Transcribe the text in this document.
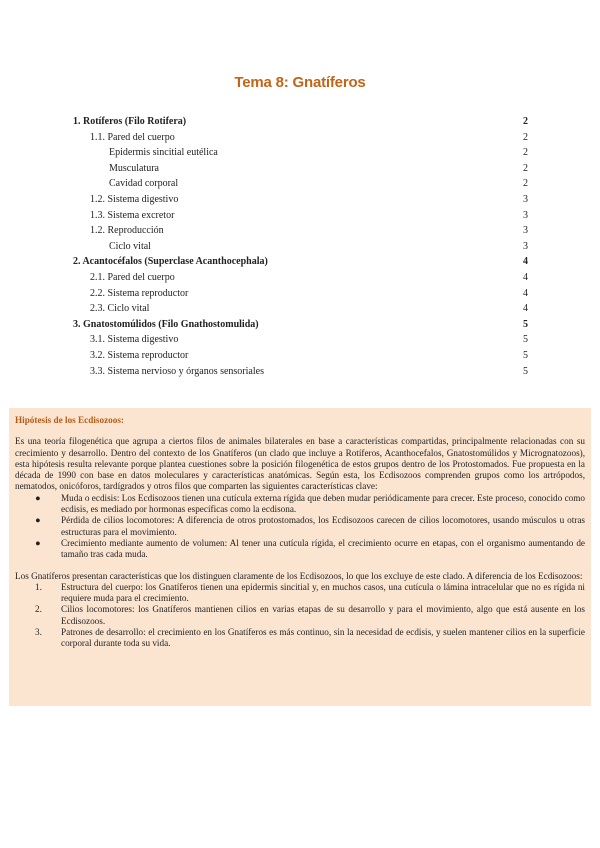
Tema 8: Gnatíferos
1. Rotíferos (Filo Rotifera)	2
1.1. Pared del cuerpo	2
Epidermis sincitial eutélica	2
Musculatura	2
Cavidad corporal	2
1.2. Sistema digestivo	3
1.3. Sistema excretor	3
1.2. Reproducción	3
Ciclo vital	3
2. Acantocéfalos (Superclase Acanthocephala)	4
2.1. Pared del cuerpo	4
2.2. Sistema reproductor	4
2.3. Ciclo vital	4
3. Gnatostomúlidos (Filo Gnathostomulida)	5
3.1. Sistema digestivo	5
3.2. Sistema reproductor	5
3.3. Sistema nervioso y órganos sensoriales	5
Hipótesis de los Ecdisozoos:

Es una teoría filogenética que agrupa a ciertos filos de animales bilaterales en base a características compartidas, principalmente relacionadas con su crecimiento y desarrollo. Dentro del contexto de los Gnatíferos (un clado que incluye a Rotíferos, Acanthocefalos, Gnatostomúlidos y Micrognatozoos), esta hipótesis resulta relevante porque plantea cuestiones sobre la posición filogenética de estos grupos dentro de los Protostomados. Fue propuesta en la década de 1990 con base en datos moleculares y características anatómicas. Según esta, los Ecdisozoos comprenden grupos como los artrópodos, nematodos, onicóforos, tardígrados y otros filos que comparten las siguientes características clave:

● Muda o ecdisis: Los Ecdisozoos tienen una cutícula externa rígida que deben mudar periódicamente para crecer. Este proceso, conocido como ecdisis, es mediado por hormonas específicas como la ecdisona.
● Pérdida de cilios locomotores: A diferencia de otros protostomados, los Ecdisozoos carecen de cilios locomotores, usando músculos u otras estructuras para el movimiento.
● Crecimiento mediante aumento de volumen: Al tener una cutícula rígida, el crecimiento ocurre en etapas, con el organismo aumentando de tamaño tras cada muda.

Los Gnatíferos presentan características que los distinguen claramente de los Ecdisozoos, lo que los excluye de este clado. A diferencia de los Ecdisozoos:

1. Estructura del cuerpo: los Gnatíferos tienen una epidermis sincitial y, en muchos casos, una cutícula o lámina intracelular que no es rígida ni requiere muda para el crecimiento.
2. Cilios locomotores: los Gnatíferos mantienen cilios en varias etapas de su desarrollo y para el movimiento, algo que está ausente en los Ecdisozoos.
3. Patrones de desarrollo: el crecimiento en los Gnatíferos es más continuo, sin la necesidad de ecdisis, y suelen mantener cilios en la superficie corporal durante toda su vida.
